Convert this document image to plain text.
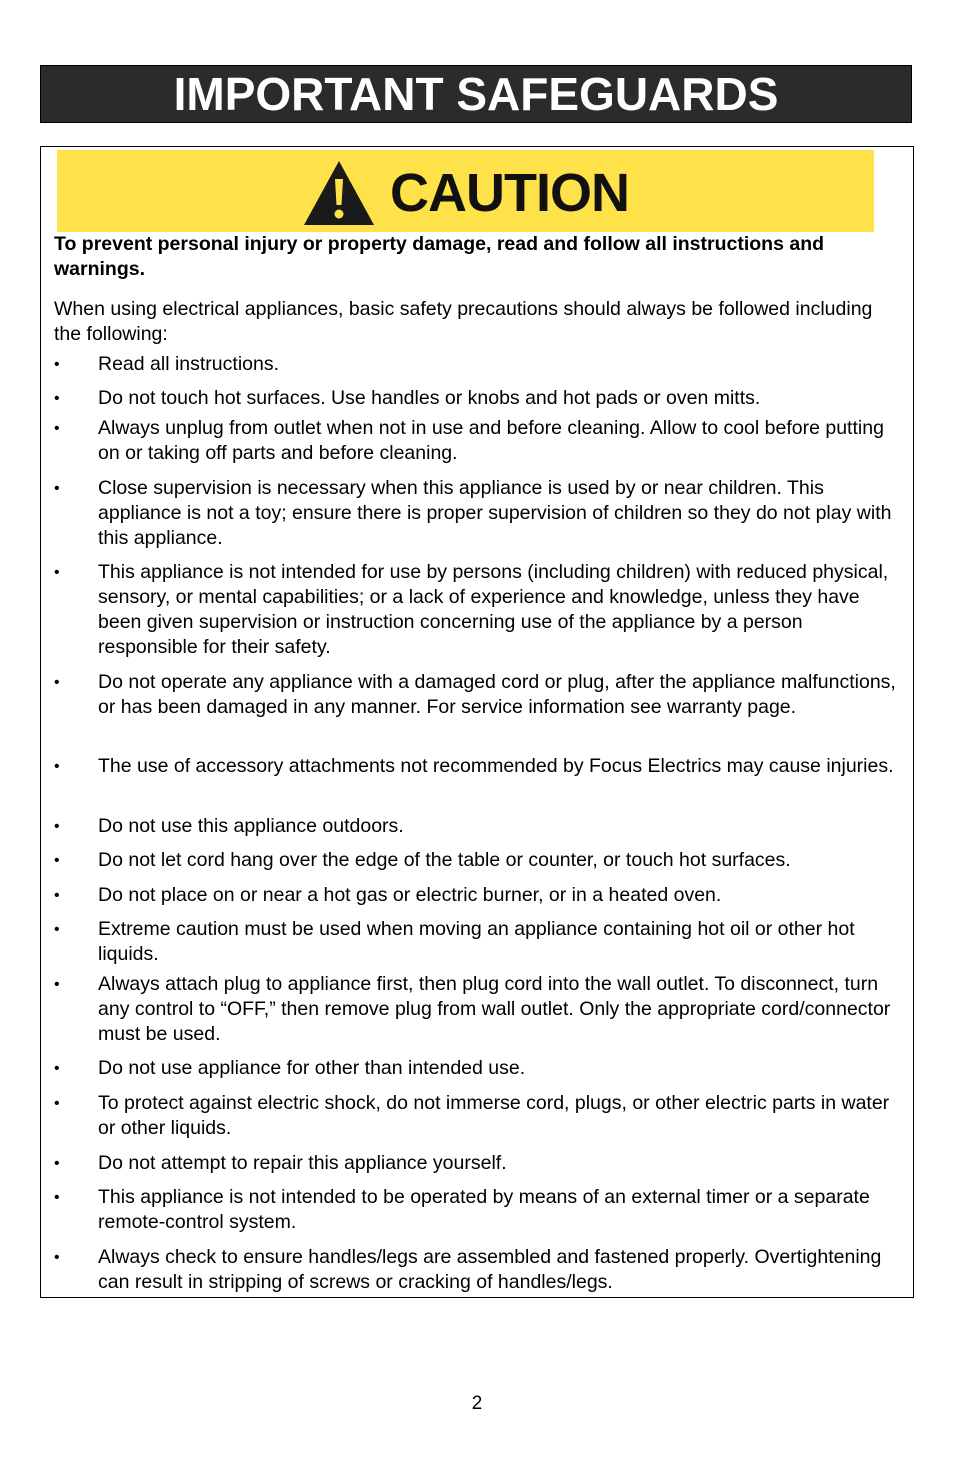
IMPORTANT SAFEGUARDS
CAUTION
To prevent personal injury or property damage, read and follow all instructions and warnings.
When using electrical appliances, basic safety precautions should always be followed including the following:
• Read all instructions.
• Do not touch hot surfaces. Use handles or knobs and hot pads or oven mitts.
• Always unplug from outlet when not in use and before cleaning. Allow to cool before putting on or taking off parts and before cleaning.
• Close supervision is necessary when this appliance is used by or near children. This appliance is not a toy; ensure there is proper supervision of children so they do not play with this appliance.
• This appliance is not intended for use by persons (including children) with reduced physical, sensory, or mental capabilities; or a lack of experience and knowledge, unless they have been given supervision or instruction concerning use of the appliance by a person responsible for their safety.
• Do not operate any appliance with a damaged cord or plug, after the appliance malfunctions, or has been damaged in any manner. For service information see warranty page.
• The use of accessory attachments not recommended by Focus Electrics may cause injuries.
• Do not use this appliance outdoors.
• Do not let cord hang over the edge of the table or counter, or touch hot surfaces.
• Do not place on or near a hot gas or electric burner, or in a heated oven.
• Extreme caution must be used when moving an appliance containing hot oil or other hot liquids.
• Always attach plug to appliance first, then plug cord into the wall outlet. To disconnect, turn any control to “OFF,” then remove plug from wall outlet. Only the appropriate cord/connector must be used.
• Do not use appliance for other than intended use.
• To protect against electric shock, do not immerse cord, plugs, or other electric parts in water or other liquids.
• Do not attempt to repair this appliance yourself.
• This appliance is not intended to be operated by means of an external timer or a separate remote-control system.
• Always check to ensure handles/legs are assembled and fastened properly. Overtightening can result in stripping of screws or cracking of handles/legs.
2
